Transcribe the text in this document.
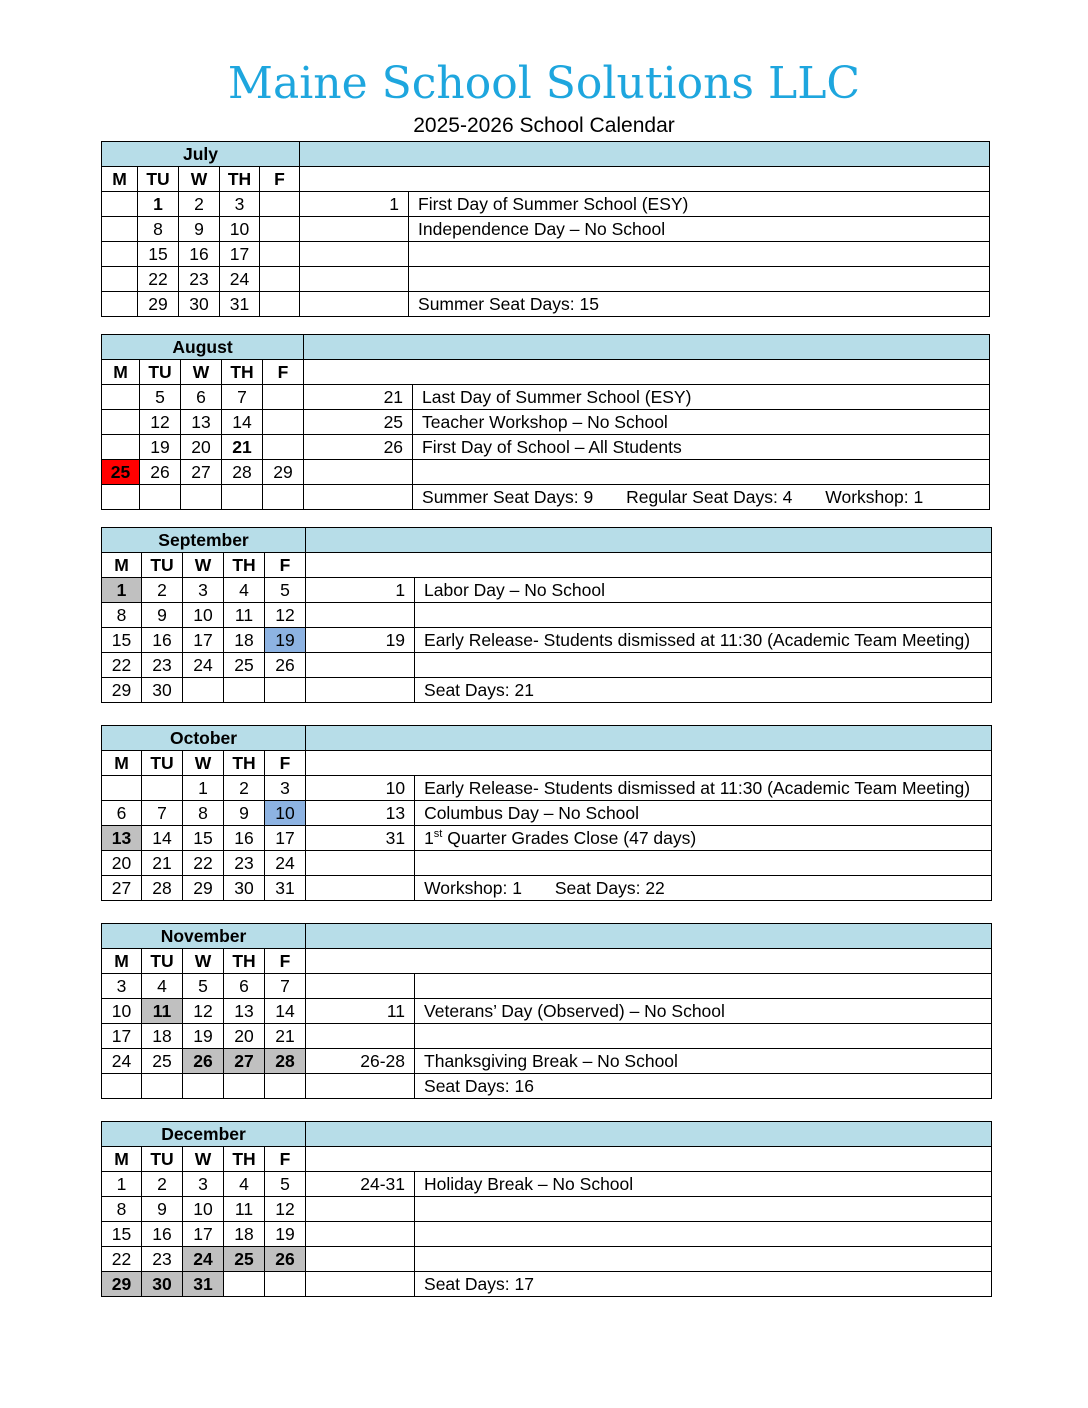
Maine School Solutions LLC
2025-2026 School Calendar
July						
M	TU	W	TH	F		
	1	2	3		1	First Day of Summer School (ESY)
	8	9	10			Independence Day – No School
	15	16	17			
	22	23	24			
	29	30	31			Summer Seat Days: 15
August						
M	TU	W	TH	F		
	5	6	7		21	Last Day of Summer School (ESY)
	12	13	14		25	Teacher Workshop – No School
	19	20	21		26	First Day of School – All Students
25	26	27	28	29		
						Summer Seat Days: 9 Regular Seat Days: 4 Workshop: 1
September						
M	TU	W	TH	F		
1	2	3	4	5	1	Labor Day – No School
8	9	10	11	12		
15	16	17	18	19	19	Early Release- Students dismissed at 11:30 (Academic Team Meeting)
22	23	24	25	26		
29	30					Seat Days: 21
October						
M	TU	W	TH	F		
		1	2	3	10	Early Release- Students dismissed at 11:30 (Academic Team Meeting)
6	7	8	9	10	13	Columbus Day – No School
13	14	15	16	17	31	1st Quarter Grades Close (47 days)
20	21	22	23	24		
27	28	29	30	31		Workshop: 1 Seat Days: 22
November						
M	TU	W	TH	F		
3	4	5	6	7		
10	11	12	13	14	11	Veterans’ Day (Observed) – No School
17	18	19	20	21		
24	25	26	27	28	26-28	Thanksgiving Break – No School
						Seat Days: 16
December						
M	TU	W	TH	F		
1	2	3	4	5	24-31	Holiday Break – No School
8	9	10	11	12		
15	16	17	18	19		
22	23	24	25	26		
29	30	31				Seat Days: 17
